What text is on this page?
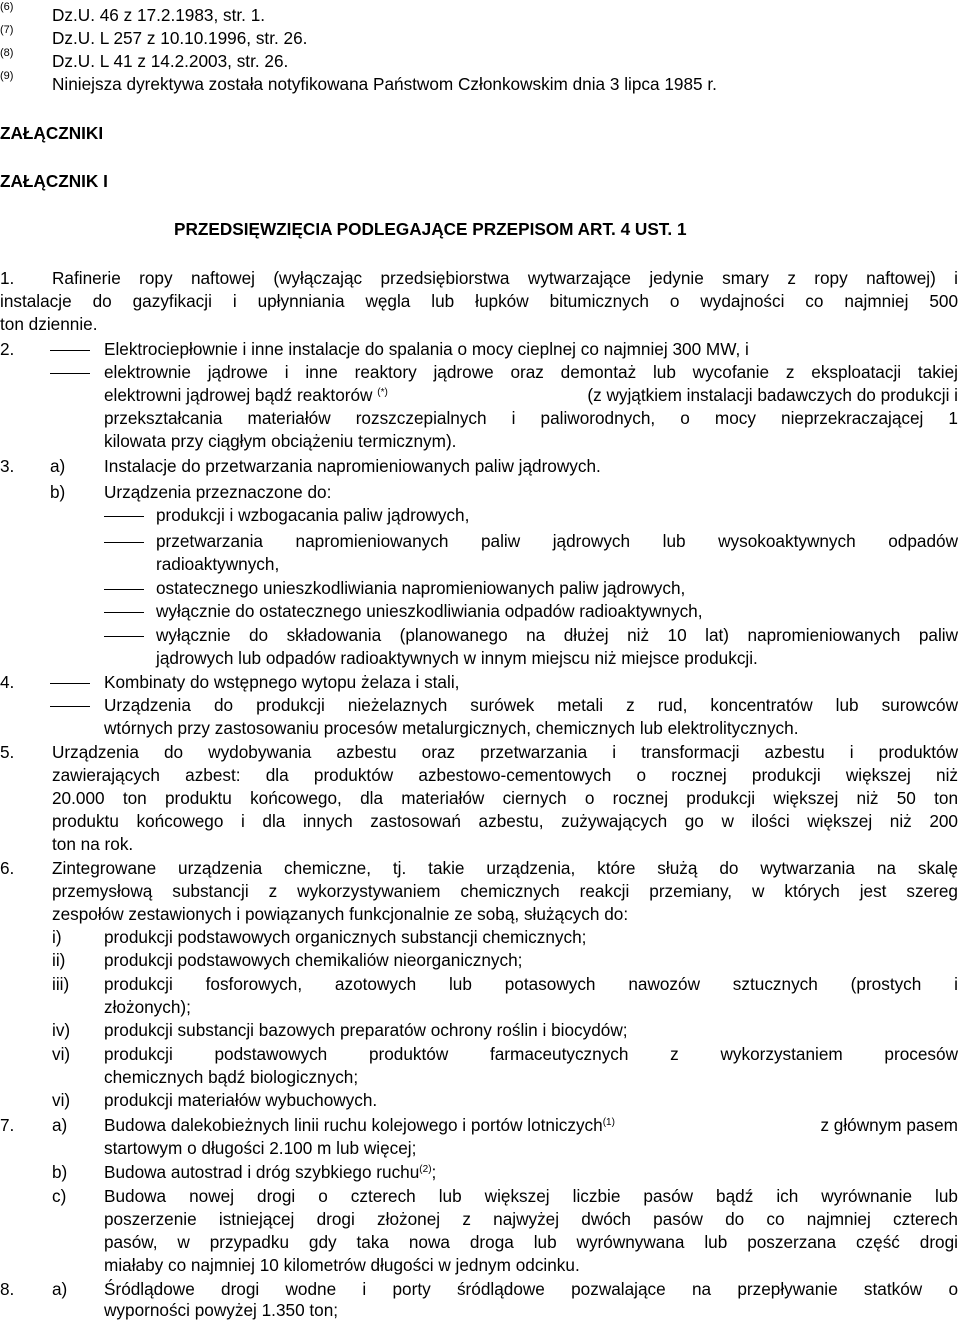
(6) Dz.U. 46 z 17.2.1983, str. 1.
(7) Dz.U. L 257 z 10.10.1996, str. 26.
(8) Dz.U. L 41 z 14.2.2003, str. 26.
(9) Niniejsza dyrektywa została notyfikowana Państwom Członkowskim dnia 3 lipca 1985 r.
ZAŁĄCZNIKI
ZAŁĄCZNIK I
PRZEDSIĘWZIĘCIA PODLEGAJĄCE PRZEPISOM ART. 4 UST. 1
1. Rafinerie ropy naftowej (wyłączając przedsiębiorstwa wytwarzające jedynie smary z ropy naftowej) i
instalacje do gazyfikacji i upłynniania węgla lub łupków bitumicznych o wydajności co najmniej 500
ton dziennie.
2.	Elektrociepłownie i inne instalacje do spalania o mocy cieplnej co najmniej 300 MW, i
elektrownie jądrowe i inne reaktory jądrowe oraz demontaż lub wycofanie z eksploatacji takiej
elektrowni jądrowej bądź reaktorów (*)	(z wyjątkiem instalacji badawczych do produkcji i
przekształcania materiałów rozszczepialnych i paliworodnych, o mocy nieprzekraczającej 1
kilowata przy ciągłym obciążeniu termicznym).
3. a) Instalacje do przetwarzania napromieniowanych paliw jądrowych.
b) Urządzenia przeznaczone do:
produkcji i wzbogacania paliw jądrowych,
przetwarzania napromieniowanych paliw jądrowych lub wysokoaktywnych odpadów
radioaktywnych,
ostatecznego unieszkodliwiania napromieniowanych paliw jądrowych,
wyłącznie do ostatecznego unieszkodliwiania odpadów radioaktywnych,
wyłącznie do składowania (planowanego na dłużej niż 10 lat) napromieniowanych paliw
jądrowych lub odpadów radioaktywnych w innym miejscu niż miejsce produkcji.
4.	Kombinaty do wstępnego wytopu żelaza i stali,
Urządzenia do produkcji nieżelaznych surówek metali z rud, koncentratów lub surowców
wtórnych przy zastosowaniu procesów metalurgicznych, chemicznych lub elektrolitycznych.
5. Urządzenia do wydobywania azbestu oraz przetwarzania i transformacji azbestu i produktów
zawierających azbest: dla produktów azbestowo-cementowych o rocznej produkcji większej niż
20.000 ton produktu końcowego, dla materiałów ciernych o rocznej produkcji większej niż 50 ton
produktu końcowego i dla innych zastosowań azbestu, zużywających go w ilości większej niż 200
ton na rok.
6. Zintegrowane urządzenia chemiczne, tj. takie urządzenia, które służą do wytwarzania na skalę
przemysłową substancji z wykorzystywaniem chemicznych reakcji przemiany, w których jest szereg
zespołów zestawionych i powiązanych funkcjonalnie ze sobą, służących do:
i) produkcji podstawowych organicznych substancji chemicznych;
ii) produkcji podstawowych chemikaliów nieorganicznych;
iii) produkcji fosforowych, azotowych lub potasowych nawozów sztucznych (prostych i
złożonych);
iv) produkcji substancji bazowych preparatów ochrony roślin i biocydów;
vi) produkcji podstawowych produktów farmaceutycznych z wykorzystaniem procesów
chemicznych bądź biologicznych;
vi) produkcji materiałów wybuchowych.
7. a) Budowa dalekobieżnych linii ruchu kolejowego i portów lotniczych$^{(1)}$	z głównym pasem
startowym o długości 2.100 m lub więcej;
b) Budowa autostrad i dróg szybkiego ruchu$^{(2)}$;
c) Budowa nowej drogi o czterech lub większej liczbie pasów bądź ich wyrównanie lub
poszerzenie istniejącej drogi złożonej z najwyżej dwóch pasów do co najmniej czterech
pasów, w przypadku gdy taka nowa droga lub wyrównywana lub poszerzana część drogi
miałaby co najmniej 10 kilometrów długości w jednym odcinku.
8. a) Śródlądowe drogi wodne i porty śródlądowe pozwalające na przepływanie statków o
wyporności powyżej 1.350 ton;
